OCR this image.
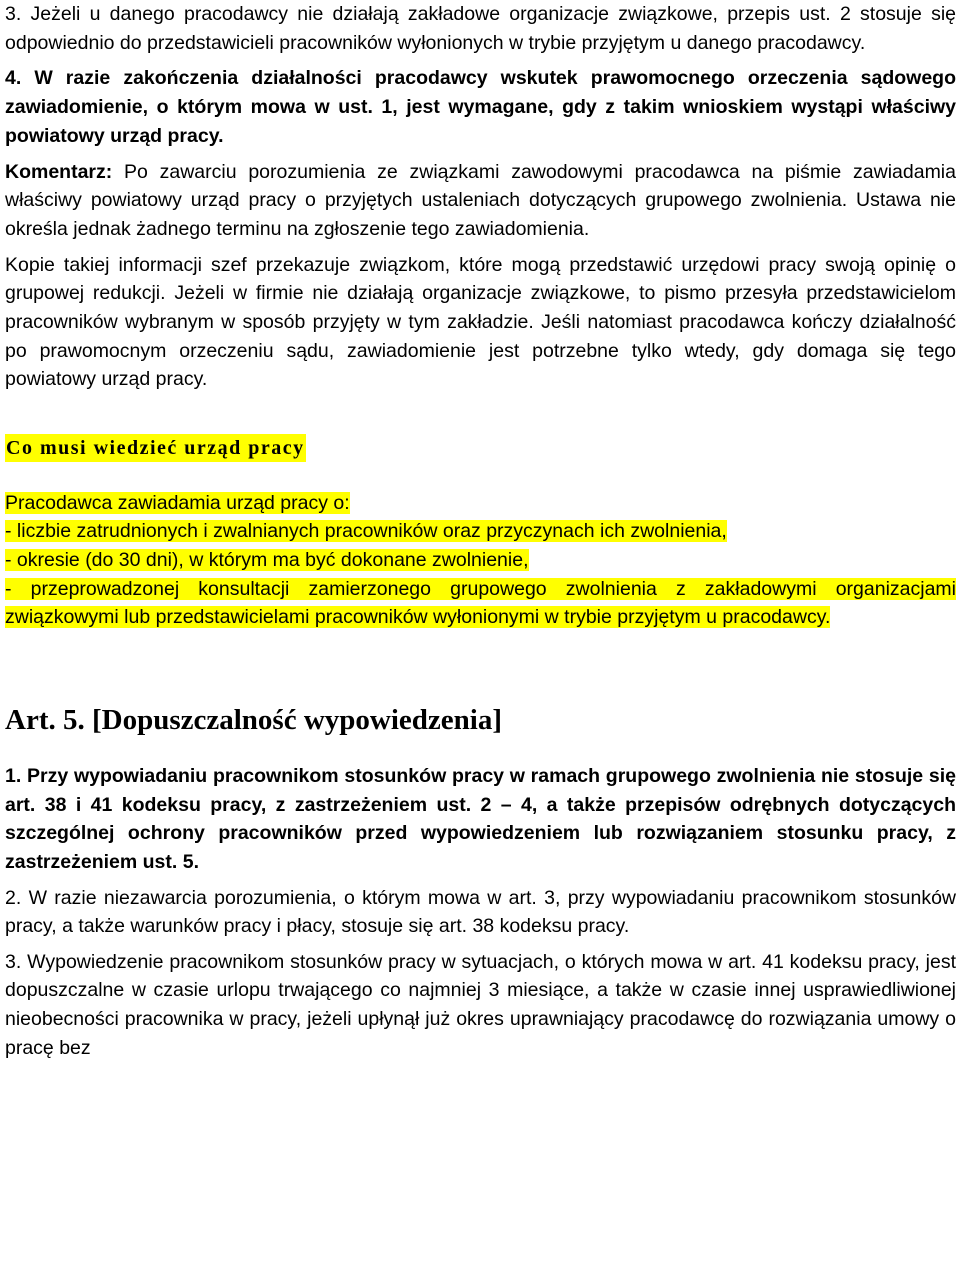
3. Jeżeli u danego pracodawcy nie działają zakładowe organizacje związkowe, przepis ust. 2 stosuje się odpowiednio do przedstawicieli pracowników wyłonionych w trybie przyjętym u danego pracodawcy.

4. W razie zakończenia działalności pracodawcy wskutek prawomocnego orzeczenia sądowego zawiadomienie, o którym mowa w ust. 1, jest wymagane, gdy z takim wnioskiem wystąpi właściwy powiatowy urząd pracy.

Komentarz: Po zawarciu porozumienia ze związkami zawodowymi pracodawca na piśmie zawiadamia właściwy powiatowy urząd pracy o przyjętych ustaleniach dotyczących grupowego zwolnienia. Ustawa nie określa jednak żadnego terminu na zgłoszenie tego zawiadomienia.

Kopie takiej informacji szef przekazuje związkom, które mogą przedstawić urzędowi pracy swoją opinię o grupowej redukcji. Jeżeli w firmie nie działają organizacje związkowe, to pismo przesyła przedstawicielom pracowników wybranym w sposób przyjęty w tym zakładzie. Jeśli natomiast pracodawca kończy działalność po prawomocnym orzeczeniu sądu, zawiadomienie jest potrzebne tylko wtedy, gdy domaga się tego powiatowy urząd pracy.

Co musi wiedzieć urząd pracy

Pracodawca zawiadamia urząd pracy o:

- liczbie zatrudnionych i zwalnianych pracowników oraz przyczynach ich zwolnienia,

- okresie (do 30 dni), w którym ma być dokonane zwolnienie,

- przeprowadzonej konsultacji zamierzonego grupowego zwolnienia z zakładowymi organizacjami związkowymi lub przedstawicielami pracowników wyłonionymi w trybie przyjętym u pracodawcy.

Art. 5. [Dopuszczalność wypowiedzenia]

1. Przy wypowiadaniu pracownikom stosunków pracy w ramach grupowego zwolnienia nie stosuje się art. 38 i 41 kodeksu pracy, z zastrzeżeniem ust. 2 – 4, a także przepisów odrębnych dotyczących szczególnej ochrony pracowników przed wypowiedzeniem lub rozwiązaniem stosunku pracy, z zastrzeżeniem ust. 5.

2. W razie niezawarcia porozumienia, o którym mowa w art. 3, przy wypowiadaniu pracownikom stosunków pracy, a także warunków pracy i płacy, stosuje się art. 38 kodeksu pracy.

3. Wypowiedzenie pracownikom stosunków pracy w sytuacjach, o których mowa w art. 41 kodeksu pracy, jest dopuszczalne w czasie urlopu trwającego co najmniej 3 miesiące, a także w czasie innej usprawiedliwionej nieobecności pracownika w pracy, jeżeli upłynął już okres uprawniający pracodawcę do rozwiązania umowy o pracę bez
